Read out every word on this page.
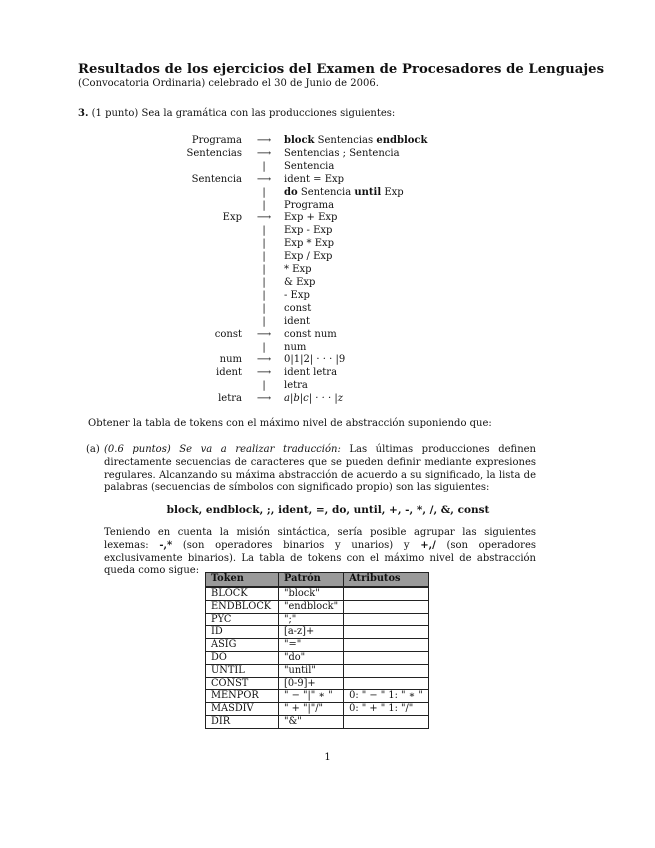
Resultados de los ejercicios del Examen de Procesadores de Lenguajes
(Convocatoria Ordinaria) celebrado el 30 de Junio de 2006.
3. (1 punto) Sea la gramática con las producciones siguientes:
Programa	⟶	block Sentencias endblock
Sentencias	⟶	Sentencias ; Sentencia
	|	Sentencia
Sentencia	⟶	ident = Exp
	|	do Sentencia until Exp
	|	Programa
Exp	⟶	Exp + Exp
	|	Exp - Exp
	|	Exp * Exp
	|	Exp / Exp
	|	* Exp
	|	& Exp
	|	- Exp
	|	const
	|	ident
const	⟶	const num
	|	num
num	⟶	0|1|2| · · · |9
ident	⟶	ident letra
	|	letra
letra	⟶	a|b|c| · · · |z
Obtener la tabla de tokens con el máximo nivel de abstracción suponiendo que:
(a) (0.6 puntos) Se va a realizar traducción: Las últimas producciones definen directamente secuencias de caracteres que se pueden definir mediante expresiones regulares. Alcanzando su máxima abstracción de acuerdo a su significado, la lista de palabras (secuencias de símbolos con significado propio) son las siguientes:
block, endblock, ;, ident, =, do, until, +, -, *, /, &, const
Teniendo en cuenta la misión sintáctica, sería posible agrupar las siguientes lexemas: -,* (son operadores binarios y unarios) y +,/ (son operadores exclusivamente binarios). La tabla de tokens con el máximo nivel de abstracción queda como sigue:
Token	Patrón	Atributos
BLOCK	"block"	
ENDBLOCK	"endblock"	
PYC	";"	
ID	[a-z]+	
ASIG	"="	
DO	"do"	
UNTIL	"until"	
CONST	[0-9]+	
MENPOR	" − "|" ∗ "	0: " − " 1: " ∗ "
MASDIV	" + "|"/"	0: " + " 1: "/"
DIR	"&"	
1
